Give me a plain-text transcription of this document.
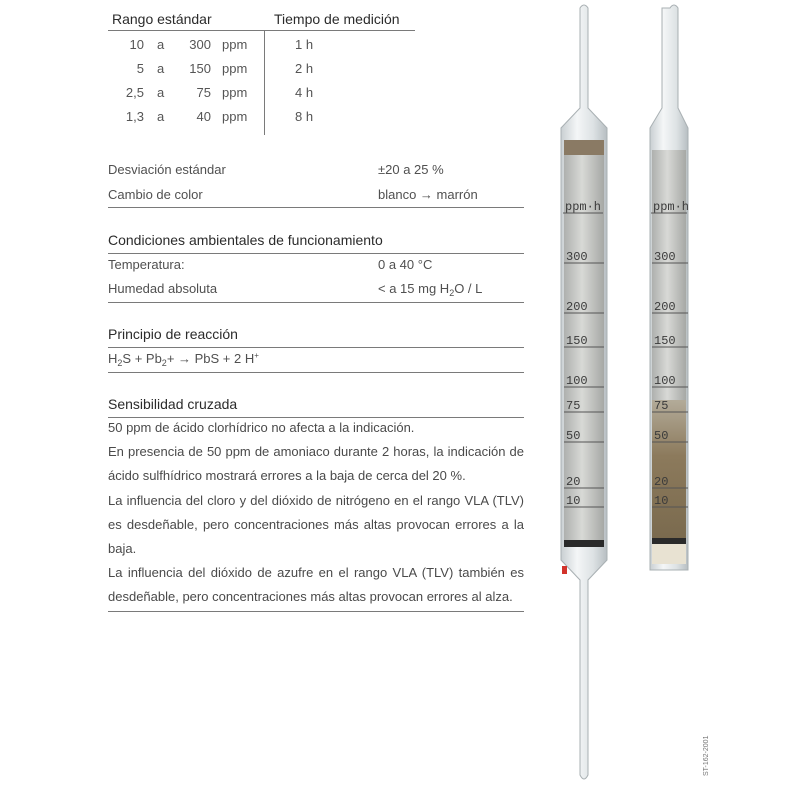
Rango estándar	Tiempo de medición
10 a	300 ppm	1 h
5 a	150 ppm	2 h
2,5 a	75 ppm	4 h
1,3 a	40 ppm	8 h
Desviación estándar	±20 a 25 %
Cambio de color	blanco → marrón
Condiciones ambientales de funcionamiento
Temperatura:	0 a 40 °C
Humedad absoluta	< a 15 mg $H_2O$ / L
Principio de reacción
$H_2S + Pb_2+$ → PbS + 2 H+
Sensibilidad cruzada

50 ppm de ácido clorhídrico no afecta a la indicación.

En presencia de 50 ppm de amoniaco durante 2 horas, la indicación de ácido sulfhídrico mostrará errores a la baja de cerca del 20 %.

La influencia del cloro y del dióxido de nitrógeno en el rango VLA (TLV) es desdeñable, pero concentraciones más altas provocan errores a la baja.

La influencia del dióxido de azufre en el rango VLA (TLV) también es desdeñable, pero concentraciones más altas provocan errores al alza.

ppm·h	ppm·h
300	300
200	200
150	150
100	100
75	75
50	50
20	20
10	10
ST-162-2001
